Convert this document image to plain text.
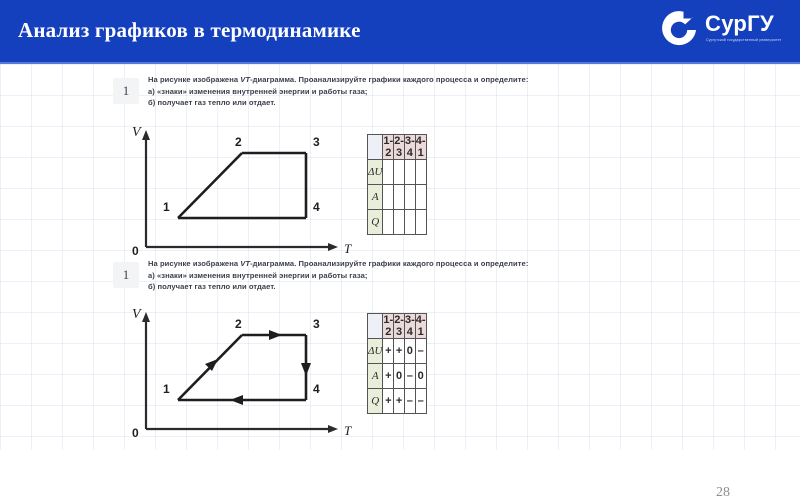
Анализ графиков в термодинамике	СурГУ
Сургутский государственный университет
1
На рисунке изображена VT-диаграмма. Проанализируйте графики каждого процесса и определите:
а) «знаки» изменения внутренней энергии и работы газа;
б) получает газ тепло или отдает.
V
T
0
1
2	3
4
	1-2	2-3	3-4	4-1
ΔU				
A				
Q				
1
На рисунке изображена VT-диаграмма. Проанализируйте графики каждого процесса и определите:
а) «знаки» изменения внутренней энергии и работы газа;
б) получает газ тепло или отдает.
V
T
0
1
2	3
4
	1-2	2-3	3-4	4-1
ΔU	+	+	0	–
A	+	0	–	0
Q	+	+	–	–
28
